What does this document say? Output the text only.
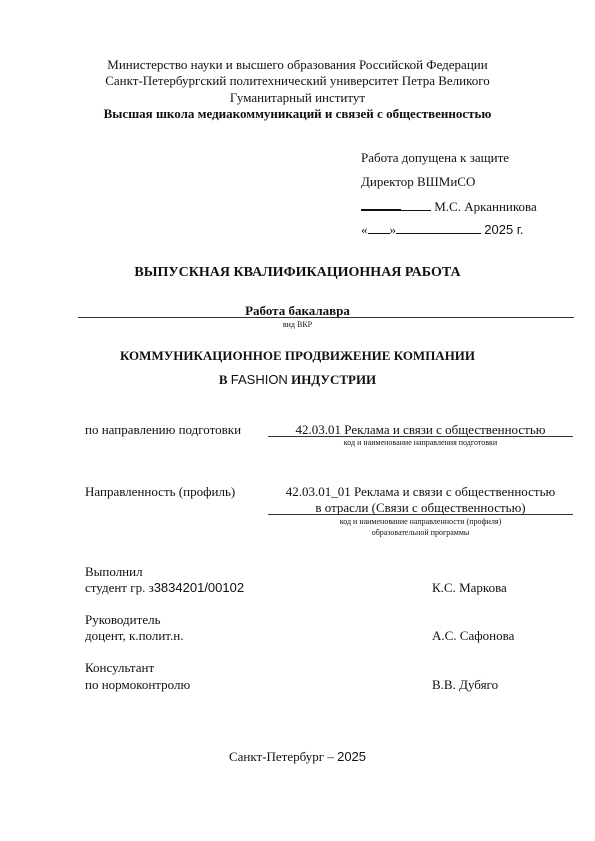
Министерство науки и высшего образования Российской Федерации
Санкт-Петербургский политехнический университет Петра Великого
Гуманитарный институт
Высшая школа медиакоммуникаций и связей с общественностью
Работа допущена к защите
Директор ВШМиСО
М.С. Арканникова
« »	2025 г.
ВЫПУСКНАЯ КВАЛИФИКАЦИОННАЯ РАБОТА
Работа бакалавра
вид ВКР
КОММУНИКАЦИОННОЕ ПРОДВИЖЕНИЕ КОМПАНИИ
В FASHION ИНДУСТРИИ
по направлению подготовки	42.03.01 Реклама и связи с общественностью
код и наименование направления подготовки
Направленность (профиль)	42.03.01_01 Реклама и связи с общественностью
в отрасли (Связи с общественностью)
код и наименование направленности (профиля)
образовательной программы
Выполнил
студент гр. з3834201/00102	К.С. Маркова
Руководитель
доцент, к.полит.н.	А.С. Сафонова
Консультант
по нормоконтролю	В.В. Дубяго
Санкт-Петербург – 2025
